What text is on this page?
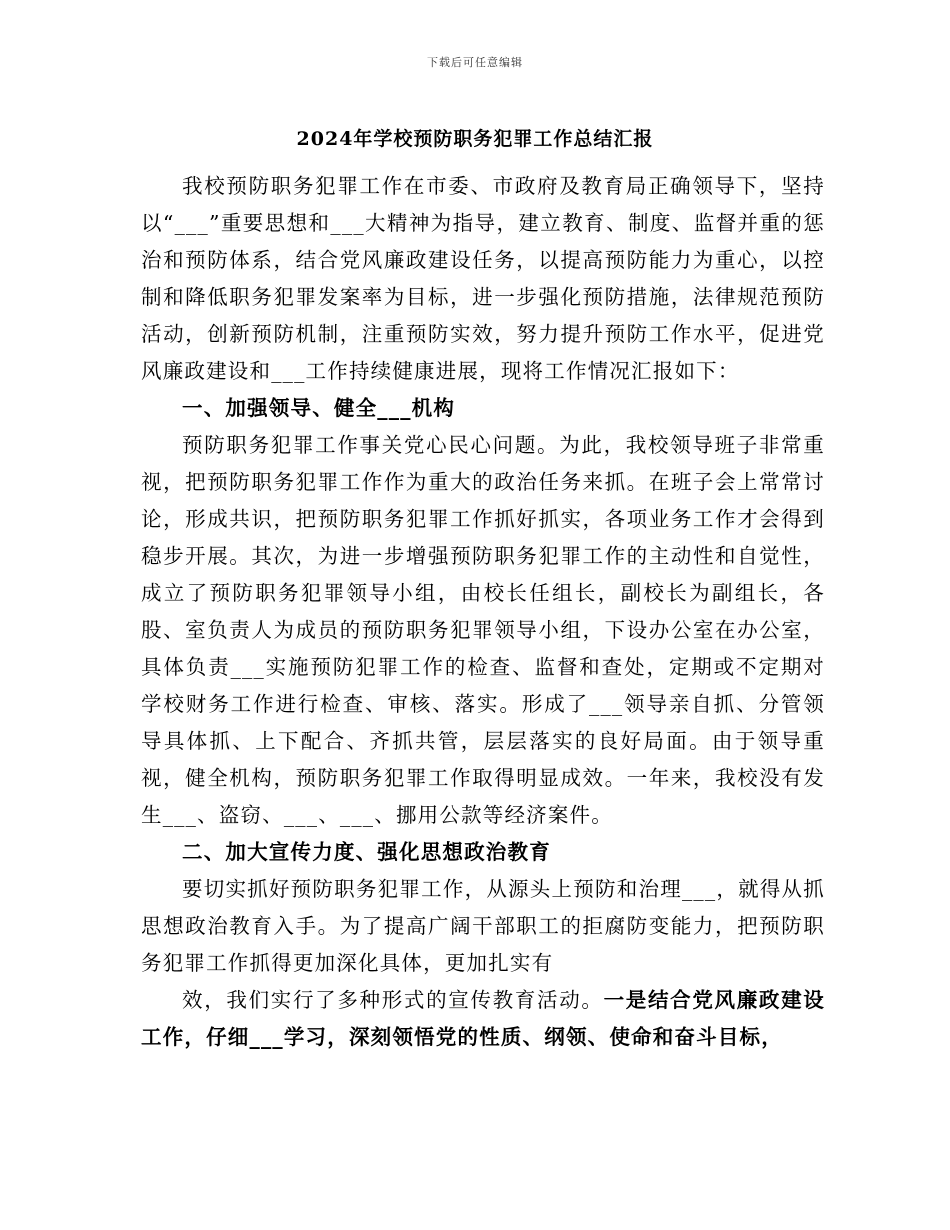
下载后可任意编辑
2024年学校预防职务犯罪工作总结汇报

我校预防职务犯罪工作在市委、市政府及教育局正确领导下，坚持以“___”重要思想和___大精神为指导，建立教育、制度、监督并重的惩治和预防体系，结合党风廉政建设任务，以提高预防能力为重心，以控制和降低职务犯罪发案率为目标，进一步强化预防措施，法律规范预防活动，创新预防机制，注重预防实效，努力提升预防工作水平，促进党风廉政建设和___工作持续健康进展，现将工作情况汇报如下：

一、加强领导、健全___机构

预防职务犯罪工作事关党心民心问题。为此，我校领导班子非常重视，把预防职务犯罪工作作为重大的政治任务来抓。在班子会上常常讨论，形成共识，把预防职务犯罪工作抓好抓实，各项业务工作才会得到稳步开展。其次，为进一步增强预防职务犯罪工作的主动性和自觉性，成立了预防职务犯罪领导小组，由校长任组长，副校长为副组长，各股、室负责人为成员的预防职务犯罪领导小组，下设办公室在办公室，具体负责___实施预防犯罪工作的检查、监督和查处，定期或不定期对学校财务工作进行检查、审核、落实。形成了___领导亲自抓、分管领导具体抓、上下配合、齐抓共管，层层落实的良好局面。由于领导重视，健全机构，预防职务犯罪工作取得明显成效。一年来，我校没有发生___、盗窃、___、___、挪用公款等经济案件。

二、加大宣传力度、强化思想政治教育

要切实抓好预防职务犯罪工作，从源头上预防和治理___，就得从抓思想政治教育入手。为了提高广阔干部职工的拒腐防变能力，把预防职务犯罪工作抓得更加深化具体，更加扎实有

效，我们实行了多种形式的宣传教育活动。一是结合党风廉政建设工作，仔细___学习，深刻领悟党的性质、纲领、使命和奋斗目标，
